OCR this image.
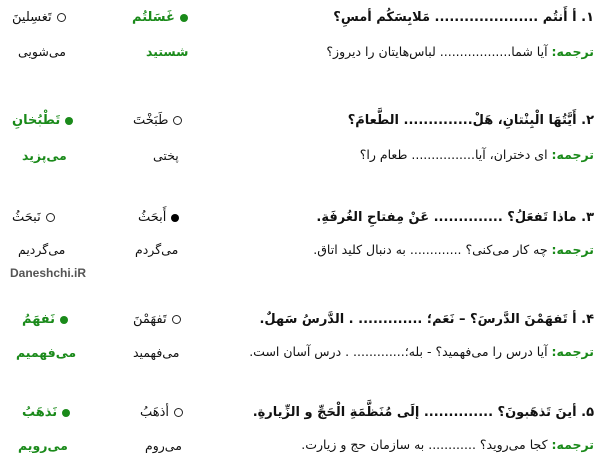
۱. أ أَنتُم ..................... مَلابِسَكُم أمسِ؟
ترجمه: آیا شما.................. لباس‌هایتان را دیروز؟
غَسَلتُم
تَغسِلينَ
شستید
می‌شویی
۲. أَيَّتُهَا الْبِنْتانِ، هَلْ.............. الطَّعامَ؟
ترجمه: ای دختران، آیا................ طعام را؟
طَبَخْتَ
تَطْبُخانِ
پختی
می‌پزید
۳. ماذا تَفعَلُ؟ .............. عَنْ مِفتاحِ الغُرفَةِ.
ترجمه: چه کار می‌کنی؟ ............. به دنبال کلید اتاق.
أَبحَثُ
نَبحَثُ
می‌گردم
می‌گردیم
Daneshchi.iR
۴. أ تَفهَمْنَ الدَّرسَ؟ – نَعَم؛ ............. . الدَّرسُ سَهلٌ.
ترجمه: آیا درس را می‌فهمید؟ - بله؛............. . درس آسان است.
تَفهَمْنَ
نَفهَمُ
می‌فهمید
می‌فهمیم
۵. أينَ تَذهَبونَ؟ .............. إلَى مُنَظَّمَةِ الْحَجِّ و الزِّيارةِ.
ترجمه: کجا می‌روید؟ ............ به سازمان حج و زیارت.
أذهَبُ
نَذهَبُ
می‌روم
می‌رویم
